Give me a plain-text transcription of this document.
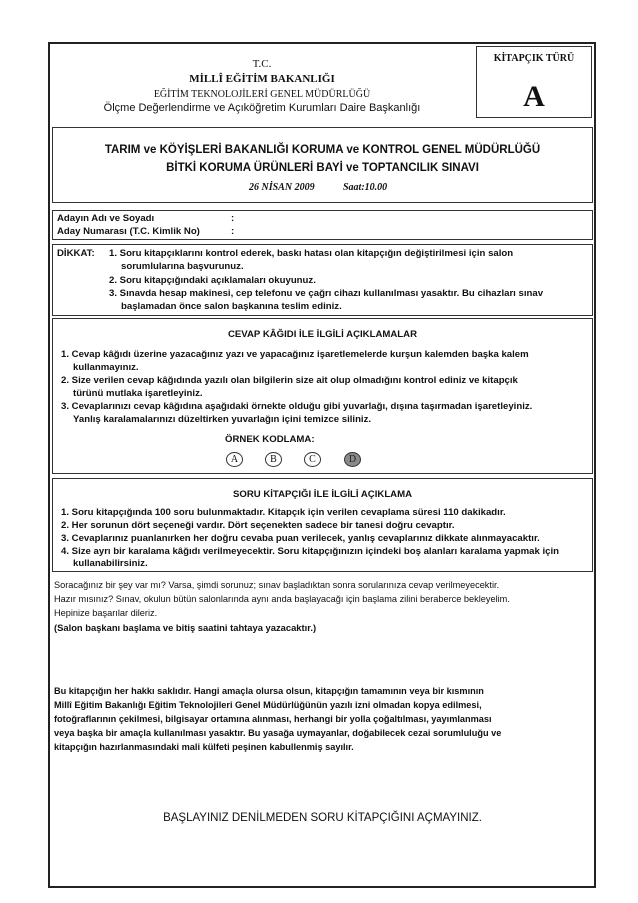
T.C.
MİLLÎ EĞİTİM BAKANLIĞI
EĞİTİM TEKNOLOJİLERİ GENEL MÜDÜRLÜĞÜ
Ölçme Değerlendirme ve Açıköğretim Kurumları Daire Başkanlığı
KİTAPÇIK TÜRÜ
A
TARIM ve KÖYİŞLERİ BAKANLIĞI KORUMA ve KONTROL GENEL MÜDÜRLÜĞÜ
BİTKİ KORUMA ÜRÜNLERİ BAYİ ve TOPTANCILIK SINAVI
26 NİSAN 2009	Saat:10.00
Adayın Adı ve Soyadı	:
Aday Numarası (T.C. Kimlik No)	:
DİKKAT: 1. Soru kitapçıklarını kontrol ederek, baskı hatası olan kitapçığın değiştirilmesi için salon
sorumlularına başvurunuz.
2. Soru kitapçığındaki açıklamaları okuyunuz.
3. Sınavda hesap makinesi, cep telefonu ve çağrı cihazı kullanılması yasaktır. Bu cihazları sınav
başlamadan önce salon başkanına teslim ediniz.
CEVAP KÂĞIDI İLE İLGİLİ AÇIKLAMALAR
1. Cevap kâğıdı üzerine yazacağınız yazı ve yapacağınız işaretlemelerde kurşun kalemden başka kalem
kullanmayınız.
2. Size verilen cevap kâğıdında yazılı olan bilgilerin size ait olup olmadığını kontrol ediniz ve kitapçık
türünü mutlaka işaretleyiniz.
3. Cevaplarınızı cevap kâğıdına aşağıdaki örnekte olduğu gibi yuvarlağı, dışına taşırmadan işaretleyiniz.
Yanlış karalamalarınızı düzeltirken yuvarlağın içini temizce siliniz.
ÖRNEK KODLAMA:
A	B	C	D
SORU KİTAPÇIĞI İLE İLGİLİ AÇIKLAMA
1. Soru kitapçığında 100 soru bulunmaktadır. Kitapçık için verilen cevaplama süresi 110 dakikadır.
2. Her sorunun dört seçeneği vardır. Dört seçenekten sadece bir tanesi doğru cevaptır.
3. Cevaplarınız puanlanırken her doğru cevaba puan verilecek, yanlış cevaplarınız dikkate alınmayacaktır.
4. Size ayrı bir karalama kâğıdı verilmeyecektir. Soru kitapçığınızın içindeki boş alanları karalama yapmak için
kullanabilirsiniz.
Soracağınız bir şey var mı? Varsa, şimdi sorunuz; sınav başladıktan sonra sorularınıza cevap verilmeyecektir.
Hazır mısınız? Sınav, okulun bütün salonlarında aynı anda başlayacağı için başlama zilini beraberce bekleyelim.
Hepinize başarılar dileriz.
(Salon başkanı başlama ve bitiş saatini tahtaya yazacaktır.)
Bu kitapçığın her hakkı saklıdır. Hangi amaçla olursa olsun, kitapçığın tamamının veya bir kısmının
Millî Eğitim Bakanlığı Eğitim Teknolojileri Genel Müdürlüğünün yazılı izni olmadan kopya edilmesi,
fotoğraflarının çekilmesi, bilgisayar ortamına alınması, herhangi bir yolla çoğaltılması, yayımlanması
veya başka bir amaçla kullanılması yasaktır. Bu yasağa uymayanlar, doğabilecek cezai sorumluluğu ve
kitapçığın hazırlanmasındaki mali külfeti peşinen kabullenmiş sayılır.
BAŞLAYINIZ DENİLMEDEN SORU KİTAPÇIĞINI AÇMAYINIZ.
